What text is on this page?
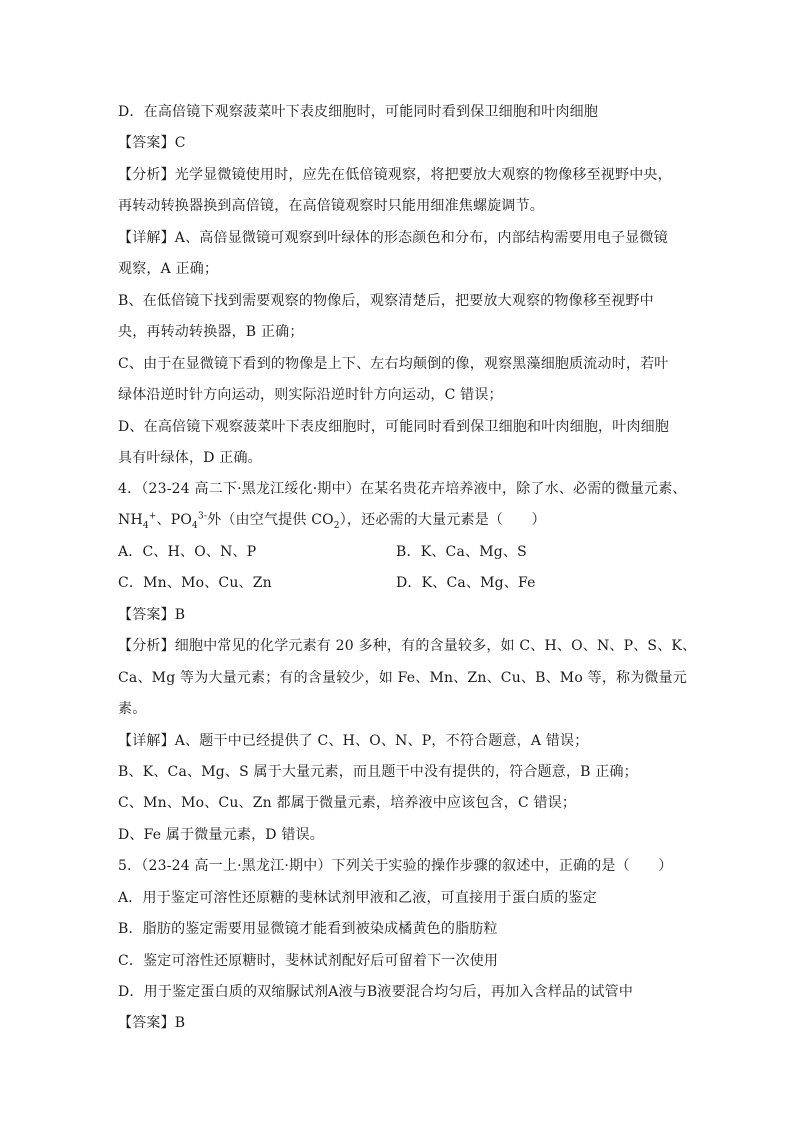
D．在高倍镜下观察菠菜叶下表皮细胞时，可能同时看到保卫细胞和叶肉细胞
【答案】C
【分析】光学显微镜使用时，应先在低倍镜观察，将把要放大观察的物像移至视野中央，
再转动转换器换到高倍镜，在高倍镜观察时只能用细准焦螺旋调节。
【详解】A、高倍显微镜可观察到叶绿体的形态颜色和分布，内部结构需要用电子显微镜
观察，A 正确；
B、在低倍镜下找到需要观察的物像后，观察清楚后，把要放大观察的物像移至视野中
央，再转动转换器，B 正确；
C、由于在显微镜下看到的物像是上下、左右均颠倒的像，观察黑藻细胞质流动时，若叶
绿体沿逆时针方向运动，则实际沿逆时针方向运动，C 错误；
D、在高倍镜下观察菠菜叶下表皮细胞时，可能同时看到保卫细胞和叶肉细胞，叶肉细胞
具有叶绿体，D 正确。
4．（23-24 高二下·黑龙江绥化·期中）在某名贵花卉培养液中，除了水、必需的微量元素、
$NH_4^+$、$PO_4^{3-}$外（由空气提供 $CO_2$），还必需的大量元素是（　　）
A．C、H、O、N、P	B．K、Ca、Mg、S
C．Mn、Mo、Cu、Zn	D．K、Ca、Mg、Fe
【答案】B
【分析】细胞中常见的化学元素有 20 多种，有的含量较多，如 C、H、O、N、P、S、K、
Ca、Mg 等为大量元素；有的含量较少，如 Fe、Mn、Zn、Cu、B、Mo 等，称为微量元
素。
【详解】A、题干中已经提供了 C、H、O、N、P，不符合题意，A 错误；
B、K、Ca、Mg、S 属于大量元素，而且题干中没有提供的，符合题意，B 正确；
C、Mn、Mo、Cu、Zn 都属于微量元素，培养液中应该包含，C 错误；
D、Fe 属于微量元素，D 错误。
5．（23-24 高一上·黑龙江·期中）下列关于实验的操作步骤的叙述中，正确的是（　　）
A．用于鉴定可溶性还原糖的斐林试剂甲液和乙液，可直接用于蛋白质的鉴定
B．脂肪的鉴定需要用显微镜才能看到被染成橘黄色的脂肪粒
C．鉴定可溶性还原糖时，斐林试剂配好后可留着下一次使用
D．用于鉴定蛋白质的双缩脲试剂A液与B液要混合均匀后，再加入含样品的试管中
【答案】B
